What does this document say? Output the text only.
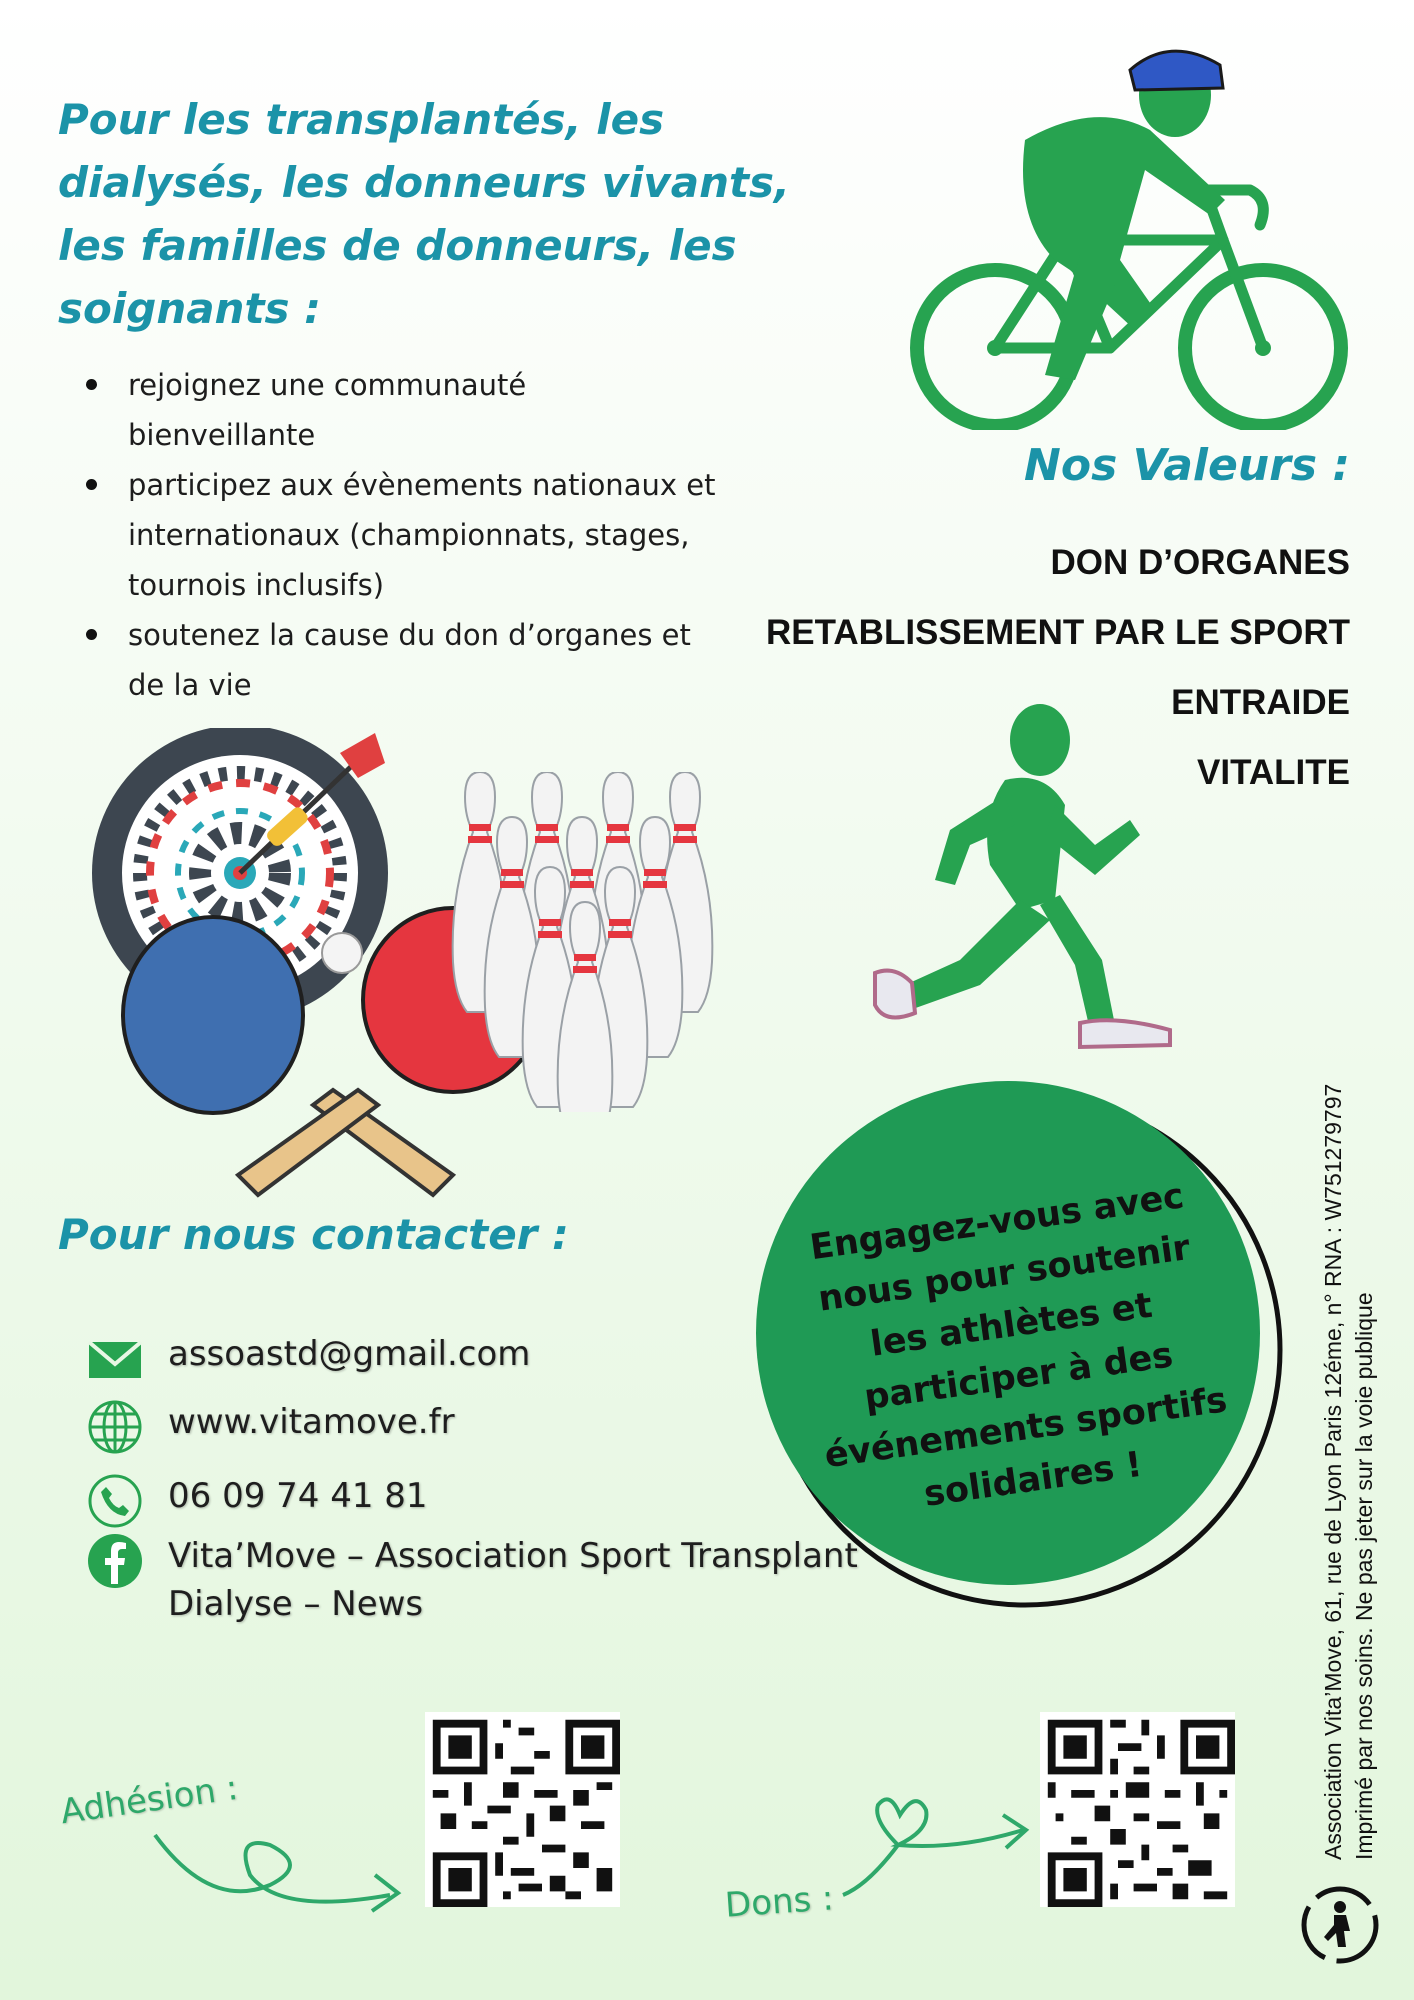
Pour les transplantés, les dialysés, les donneurs vivants, les familles de donneurs, les soignants :
rejoignez une communauté bienveillante
participez aux évènements nationaux et internationaux (championnats, stages, tournois inclusifs)
soutenez la cause du don d’organes et de la vie
Nos Valeurs :
DON D’ORGANES
RETABLISSEMENT PAR LE SPORT
ENTRAIDE
VITALITE
Pour nous contacter :
assoastd@gmail.com
www.vitamove.fr
06 09 74 41 81
Vita’Move – Association Sport Transplant Dialyse – News
Engagez-vous avec nous pour soutenir les athlètes et participer à des événements sportifs solidaires !
Adhésion :
Dons :
Association Vita’Move, 61, rue de Lyon Paris 12éme, n° RNA : W751279797 Imprimé par nos soins. Ne pas jeter sur la voie publique
